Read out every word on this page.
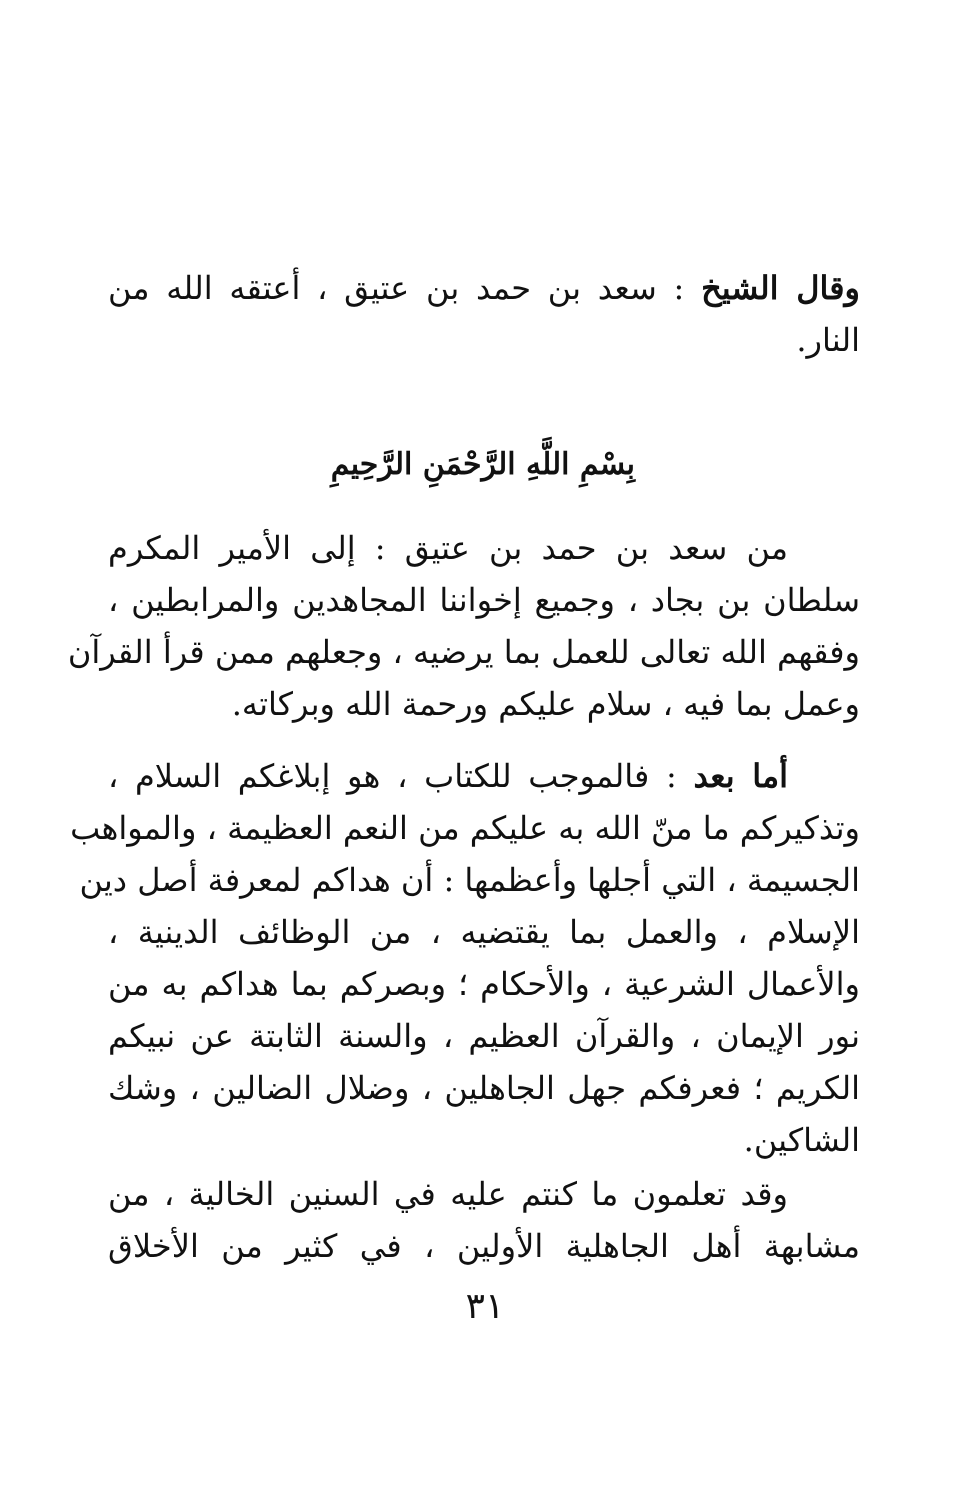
وقال الشيخ : سعد بن حمد بن عتيق ، أعتقه الله من
النار.
بِسْمِ اللَّهِ الرَّحْمَنِ الرَّحِيمِ
من سعد بن حمد بن عتيق : إلى الأمير المكرم
سلطان بن بجاد ، وجميع إخواننا المجاهدين والمرابطين ،
وفقهم الله تعالى للعمل بما يرضيه ، وجعلهم ممن قرأ القرآن
وعمل بما فيه ، سلام عليكم ورحمة الله وبركاته.
أما بعد : فالموجب للكتاب ، هو إبلاغكم السلام ،
وتذكيركم ما منّ الله به عليكم من النعم العظيمة ، والمواهب
الجسيمة ، التي أجلها وأعظمها : أن هداكم لمعرفة أصل دين
الإسلام ، والعمل بما يقتضيه ، من الوظائف الدينية ،
والأعمال الشرعية ، والأحكام ؛ وبصركم بما هداكم به من
نور الإيمان ، والقرآن العظيم ، والسنة الثابتة عن نبيكم
الكريم ؛ فعرفكم جهل الجاهلين ، وضلال الضالين ، وشك
الشاكين.
وقد تعلمون ما كنتم عليه في السنين الخالية ، من
مشابهة أهل الجاهلية الأولين ، في كثير من الأخلاق
٣١
